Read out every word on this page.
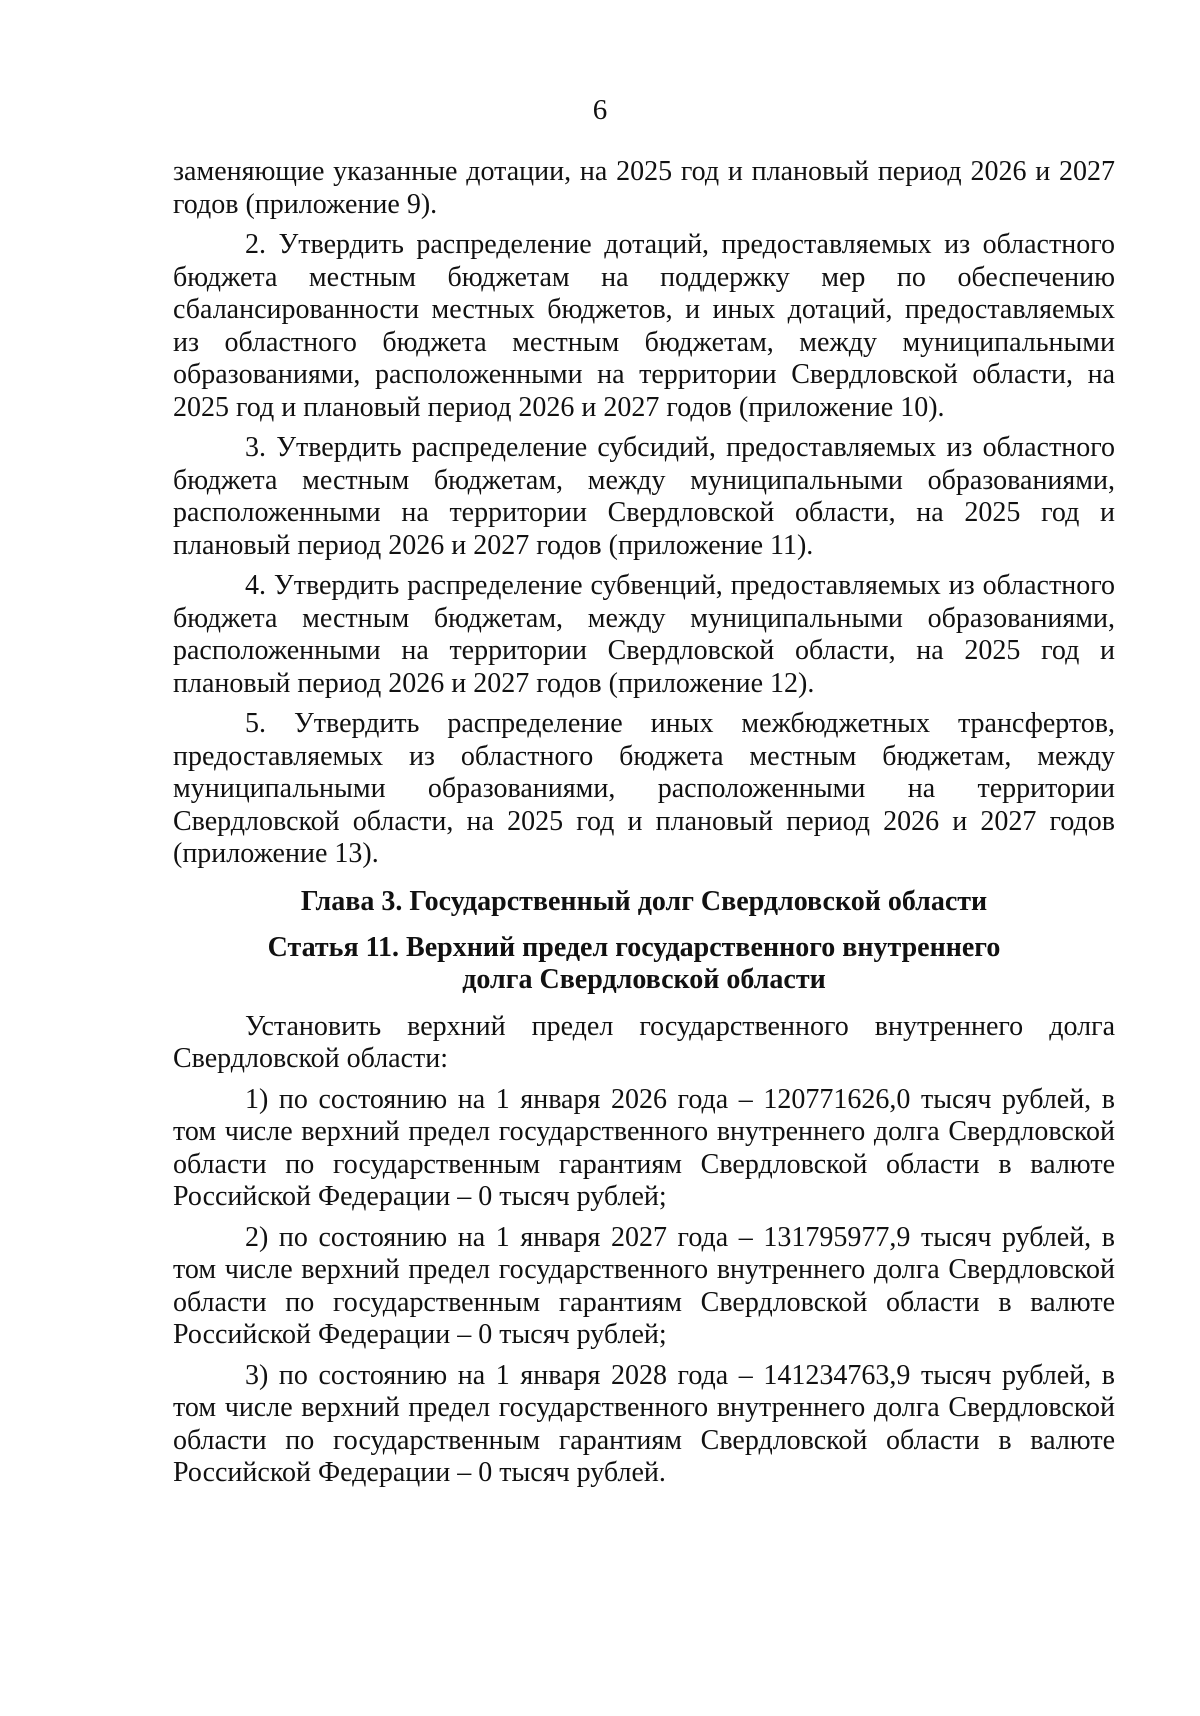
6

заменяющие указанные дотации, на 2025 год и плановый период 2026 и 2027 годов (приложение 9).

2. Утвердить распределение дотаций, предоставляемых из областного бюджета местным бюджетам на поддержку мер по обеспечению сбалансированности местных бюджетов, и иных дотаций, предоставляемых из областного бюджета местным бюджетам, между муниципальными образованиями, расположенными на территории Свердловской области, на 2025 год и плановый период 2026 и 2027 годов (приложение 10).

3. Утвердить распределение субсидий, предоставляемых из областного бюджета местным бюджетам, между муниципальными образованиями, расположенными на территории Свердловской области, на 2025 год и плановый период 2026 и 2027 годов (приложение 11).

4. Утвердить распределение субвенций, предоставляемых из областного бюджета местным бюджетам, между муниципальными образованиями, расположенными на территории Свердловской области, на 2025 год и плановый период 2026 и 2027 годов (приложение 12).

5. Утвердить распределение иных межбюджетных трансфертов, предоставляемых из областного бюджета местным бюджетам, между муниципальными образованиями, расположенными на территории Свердловской области, на 2025 год и плановый период 2026 и 2027 годов (приложение 13).

Глава 3. Государственный долг Свердловской области
Статья 11. Верхний предел государственного внутреннего
долга Свердловской области

Установить верхний предел государственного внутреннего долга Свердловской области:

1) по состоянию на 1 января 2026 года – 120771626,0 тысяч рублей, в том числе верхний предел государственного внутреннего долга Свердловской области по государственным гарантиям Свердловской области в валюте Российской Федерации – 0 тысяч рублей;

2) по состоянию на 1 января 2027 года – 131795977,9 тысяч рублей, в том числе верхний предел государственного внутреннего долга Свердловской области по государственным гарантиям Свердловской области в валюте Российской Федерации – 0 тысяч рублей;

3) по состоянию на 1 января 2028 года – 141234763,9 тысяч рублей, в том числе верхний предел государственного внутреннего долга Свердловской области по государственным гарантиям Свердловской области в валюте Российской Федерации – 0 тысяч рублей.
